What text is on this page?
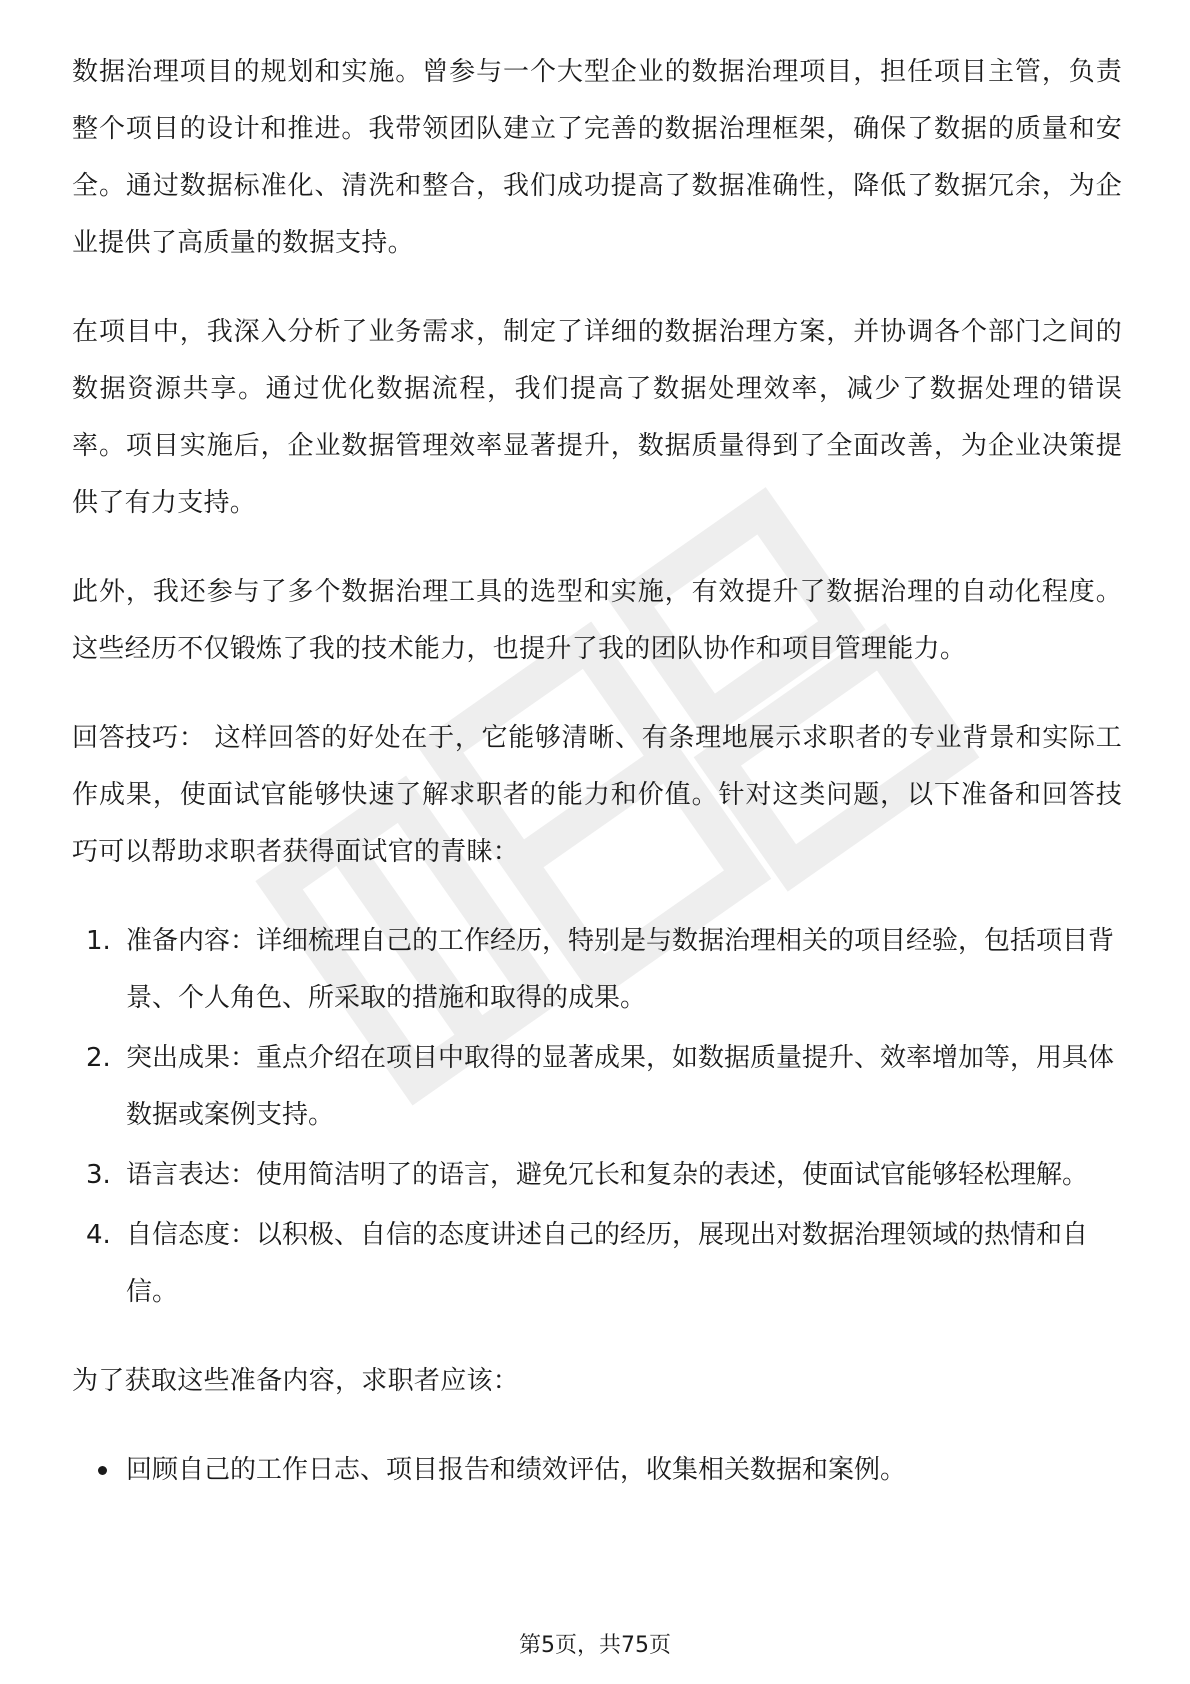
数据治理项目的规划和实施。曾参与一个大型企业的数据治理项目，担任项目主管，负责整个项目的设计和推进。我带领团队建立了完善的数据治理框架，确保了数据的质量和安全。通过数据标准化、清洗和整合，我们成功提高了数据准确性，降低了数据冗余，为企业提供了高质量的数据支持。

在项目中，我深入分析了业务需求，制定了详细的数据治理方案，并协调各个部门之间的数据资源共享。通过优化数据流程，我们提高了数据处理效率，减少了数据处理的错误率。项目实施后，企业数据管理效率显著提升，数据质量得到了全面改善，为企业决策提供了有力支持。

此外，我还参与了多个数据治理工具的选型和实施，有效提升了数据治理的自动化程度。这些经历不仅锻炼了我的技术能力，也提升了我的团队协作和项目管理能力。

回答技巧： 这样回答的好处在于，它能够清晰、有条理地展示求职者的专业背景和实际工作成果，使面试官能够快速了解求职者的能力和价值。针对这类问题，以下准备和回答技巧可以帮助求职者获得面试官的青睐：

1. 准备内容：详细梳理自己的工作经历，特别是与数据治理相关的项目经验，包括项目背景、个人角色、所采取的措施和取得的成果。
2. 突出成果：重点介绍在项目中取得的显著成果，如数据质量提升、效率增加等，用具体数据或案例支持。
3. 语言表达：使用简洁明了的语言，避免冗长和复杂的表述，使面试官能够轻松理解。
4. 自信态度：以积极、自信的态度讲述自己的经历，展现出对数据治理领域的热情和自信。

为了获取这些准备内容，求职者应该：

回顾自己的工作日志、项目报告和绩效评估，收集相关数据和案例。
第5页，共75页
